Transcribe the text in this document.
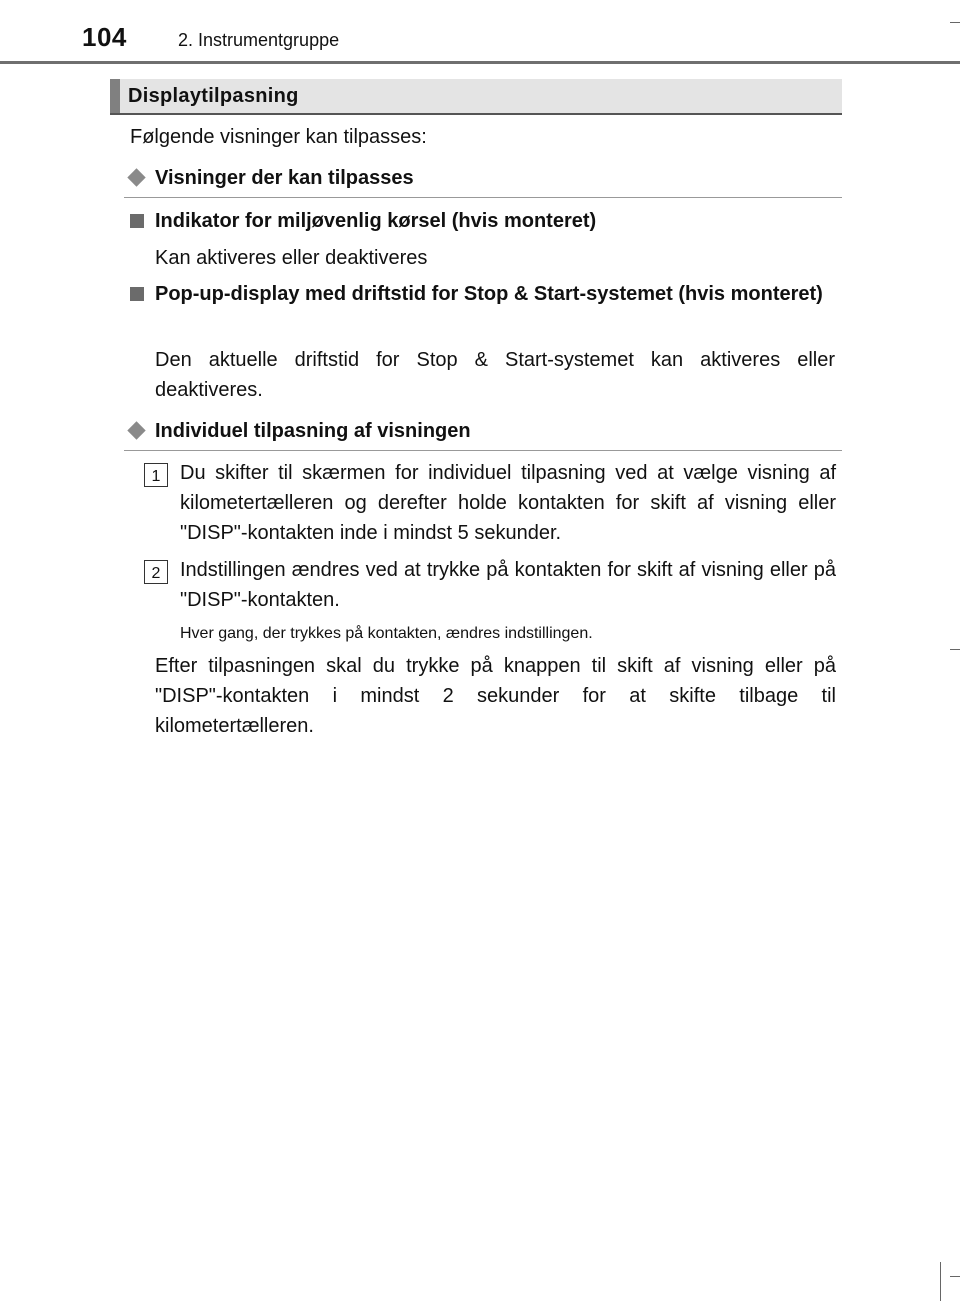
104	2. Instrumentgruppe
Displaytilpasning
Følgende visninger kan tilpasses:
Visninger der kan tilpasses
Indikator for miljøvenlig kørsel (hvis monteret)
Kan aktiveres eller deaktiveres
Pop-up-display med driftstid for Stop & Start-systemet (hvis monteret)
Den aktuelle driftstid for Stop & Start-systemet kan aktiveres eller deaktiveres.
Individuel tilpasning af visningen
1 Du skifter til skærmen for individuel tilpasning ved at vælge visning af kilometertælleren og derefter holde kontakten for skift af visning eller "DISP"-kontakten inde i mindst 5 sekunder.
2 Indstillingen ændres ved at trykke på kontakten for skift af visning eller på "DISP"-kontakten.
Hver gang, der trykkes på kontakten, ændres indstillingen.
Efter tilpasningen skal du trykke på knappen til skift af visning eller på "DISP"-kontakten i mindst 2 sekunder for at skifte tilbage til kilometertælleren.
